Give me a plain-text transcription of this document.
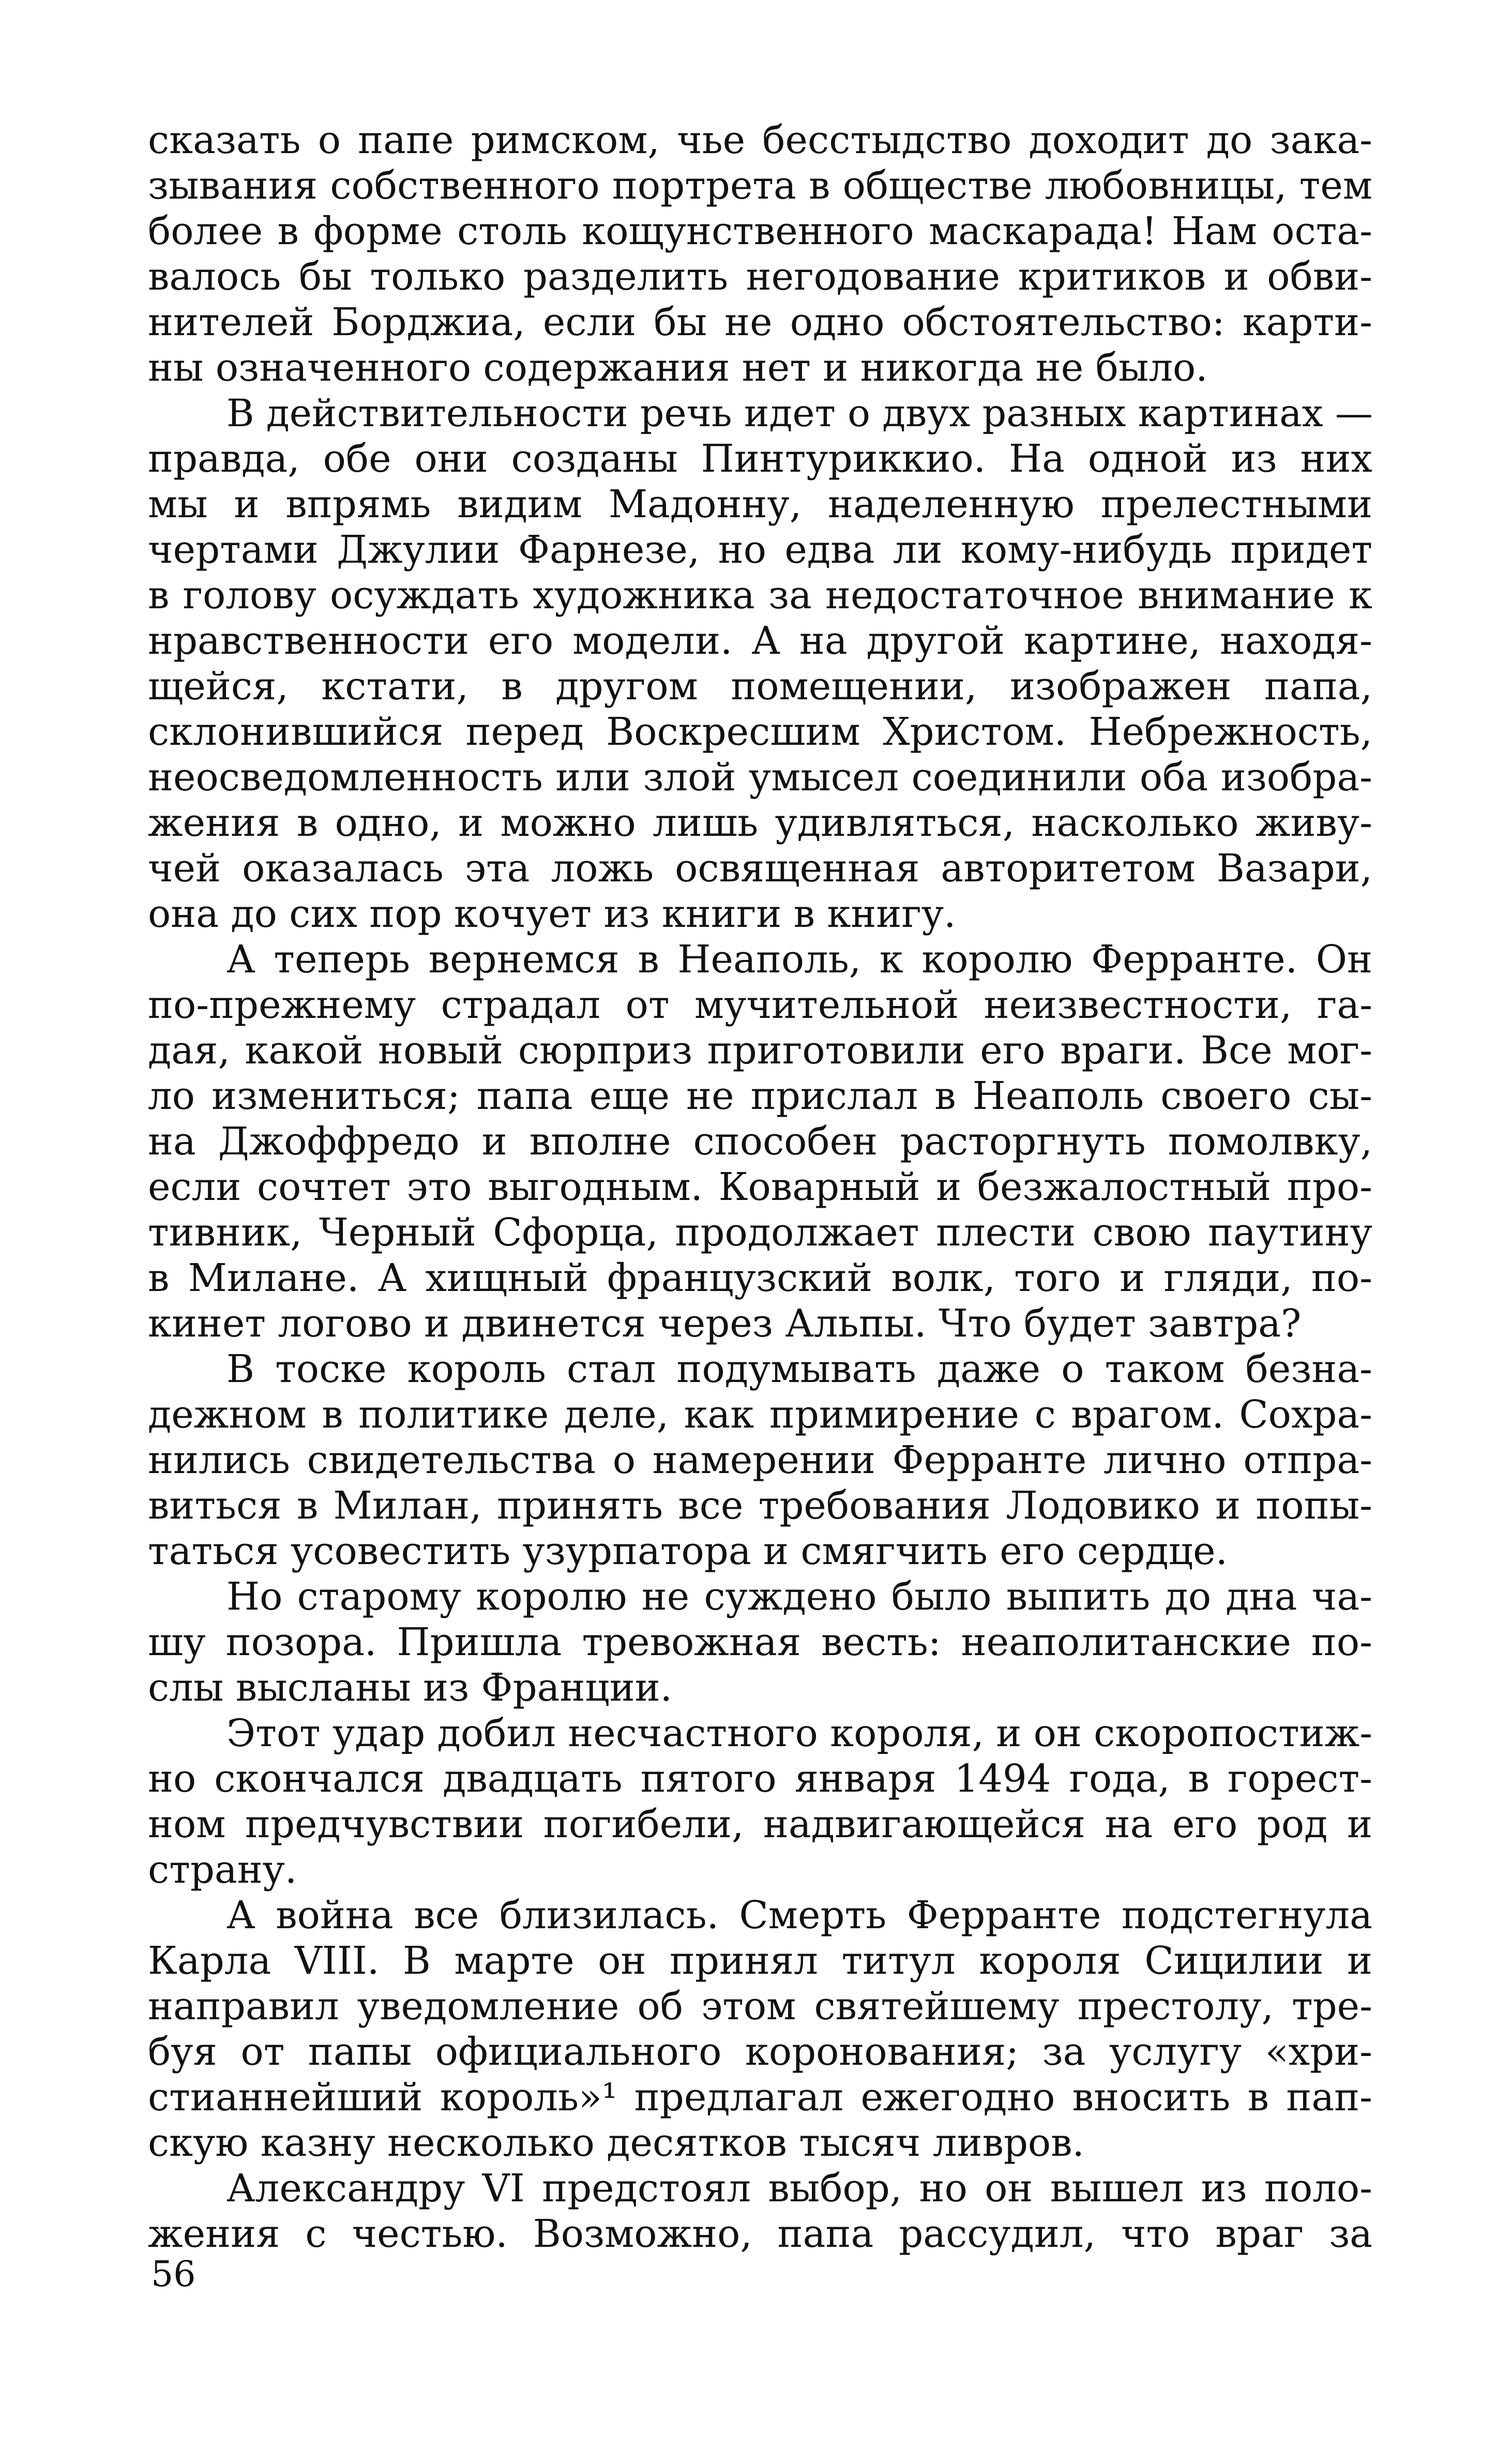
сказать о папе римском, чье бесстыдство доходит до зака-
зывания собственного портрета в обществе любовницы, тем
более в форме столь кощунственного маскарада! Нам оста-
валось бы только разделить негодование критиков и обви-
нителей Борджиа, если бы не одно обстоятельство: карти-
ны означенного содержания нет и никогда не было.
В действительности речь идет о двух разных картинах —
правда, обе они созданы Пинтуриккио. На одной из них
мы и впрямь видим Мадонну, наделенную прелестными
чертами Джулии Фарнезе, но едва ли кому-нибудь придет
в голову осуждать художника за недостаточное внимание к
нравственности его модели. А на другой картине, находя-
щейся, кстати, в другом помещении, изображен папа,
склонившийся перед Воскресшим Христом. Небрежность,
неосведомленность или злой умысел соединили оба изобра-
жения в одно, и можно лишь удивляться, насколько живу-
чей оказалась эта ложь освященная авторитетом Вазари,
она до сих пор кочует из книги в книгу.
А теперь вернемся в Неаполь, к королю Ферранте. Он
по-прежнему страдал от мучительной неизвестности, га-
дая, какой новый сюрприз приготовили его враги. Все мог-
ло измениться; папа еще не прислал в Неаполь своего сы-
на Джоффредо и вполне способен расторгнуть помолвку,
если сочтет это выгодным. Коварный и безжалостный про-
тивник, Черный Сфорца, продолжает плести свою паутину
в Милане. А хищный французский волк, того и гляди, по-
кинет логово и двинется через Альпы. Что будет завтра?
В тоске король стал подумывать даже о таком безна-
дежном в политике деле, как примирение с врагом. Сохра-
нились свидетельства о намерении Ферранте лично отпра-
виться в Милан, принять все требования Лодовико и попы-
таться усовестить узурпатора и смягчить его сердце.
Но старому королю не суждено было выпить до дна ча-
шу позора. Пришла тревожная весть: неаполитанские по-
слы высланы из Франции.
Этот удар добил несчастного короля, и он скоропостиж-
но скончался двадцать пятого января 1494 года, в горест-
ном предчувствии погибели, надвигающейся на его род и
страну.
А война все близилась. Смерть Ферранте подстегнула
Карла VIII. В марте он принял титул короля Сицилии и
направил уведомление об этом святейшему престолу, тре-
буя от папы официального коронования; за услугу «хри-
стианнейший король»¹ предлагал ежегодно вносить в пап-
скую казну несколько десятков тысяч ливров.
Александру VI предстоял выбор, но он вышел из поло-
жения с честью. Возможно, папа рассудил, что враг за
56
